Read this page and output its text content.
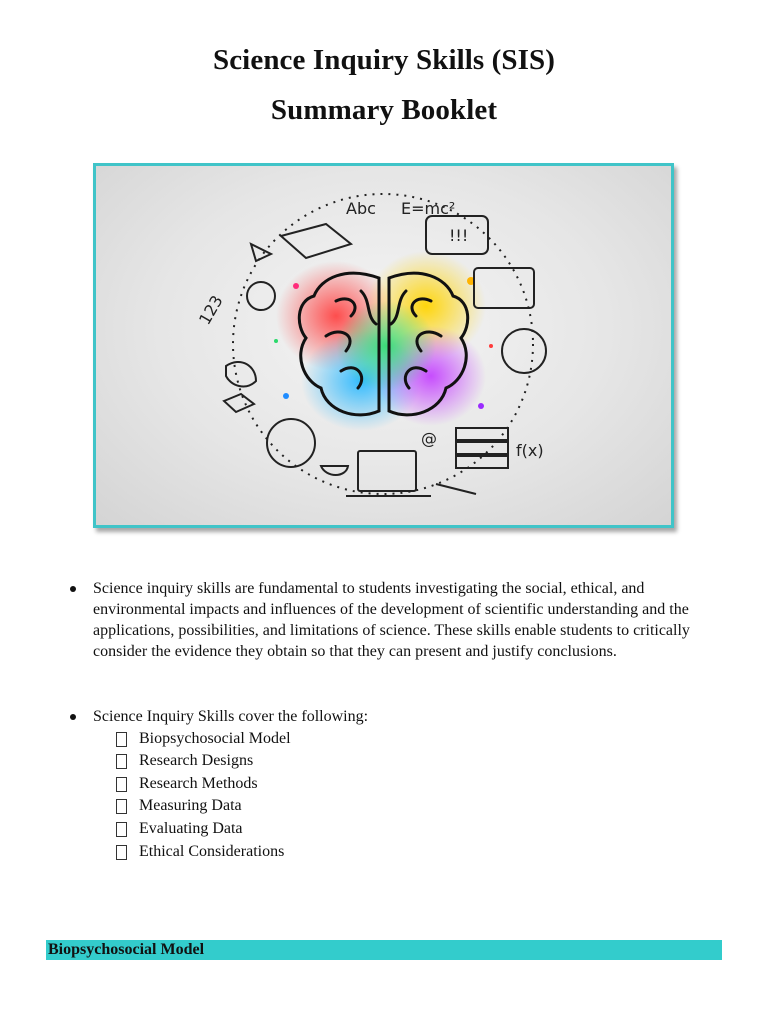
Science Inquiry Skills (SIS)
Summary Booklet
Abc E=mc²
!!!
123
@
f(x)
Science inquiry skills are fundamental to students investigating the social, ethical, and environmental impacts and influences of the development of scientific understanding and the applications, possibilities, and limitations of science. These skills enable students to critically consider the evidence they obtain so that they can present and justify conclusions.
Science Inquiry Skills cover the following:
Biopsychosocial Model
Research Designs
Research Methods
Measuring Data
Evaluating Data
Ethical Considerations
Biopsychosocial Model
